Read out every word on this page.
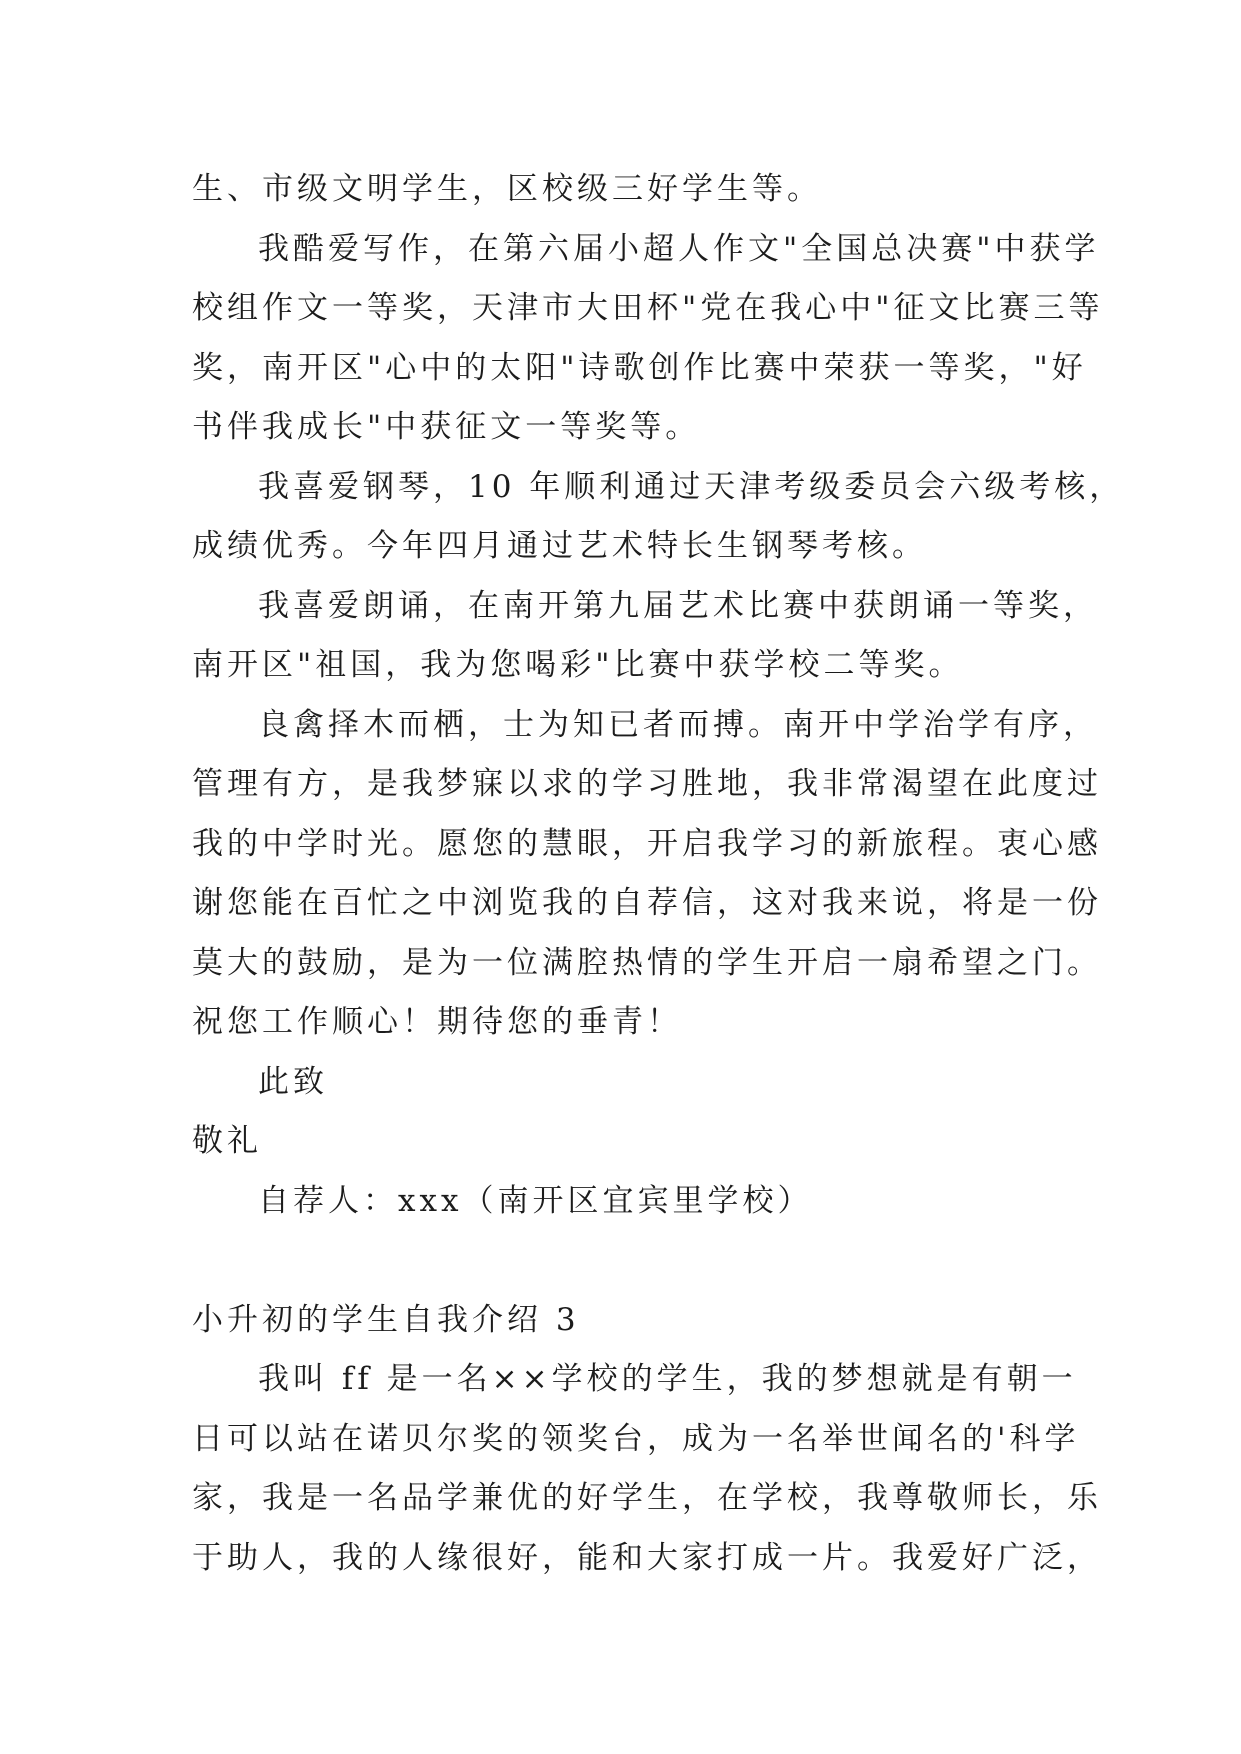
生、市级文明学生，区校级三好学生等。
我酷爱写作，在第六届小超人作文"全国总决赛"中获学
校组作文一等奖，天津市大田杯"党在我心中"征文比赛三等
奖，南开区"心中的太阳"诗歌创作比赛中荣获一等奖，"好
书伴我成长"中获征文一等奖等。
我喜爱钢琴，10 年顺利通过天津考级委员会六级考核，
成绩优秀。今年四月通过艺术特长生钢琴考核。
我喜爱朗诵，在南开第九届艺术比赛中获朗诵一等奖，
南开区"祖国，我为您喝彩"比赛中获学校二等奖。
良禽择木而栖，士为知已者而搏。南开中学治学有序，
管理有方，是我梦寐以求的学习胜地，我非常渴望在此度过
我的中学时光。愿您的慧眼，开启我学习的新旅程。衷心感
谢您能在百忙之中浏览我的自荐信，这对我来说，将是一份
莫大的鼓励，是为一位满腔热情的学生开启一扇希望之门。
祝您工作顺心！期待您的垂青！
此致
敬礼
自荐人：xxx（南开区宜宾里学校）
小升初的学生自我介绍 3
我叫 ff 是一名××学校的学生，我的梦想就是有朝一
日可以站在诺贝尔奖的领奖台，成为一名举世闻名的'科学
家，我是一名品学兼优的好学生，在学校，我尊敬师长，乐
于助人，我的人缘很好，能和大家打成一片。我爱好广泛，
